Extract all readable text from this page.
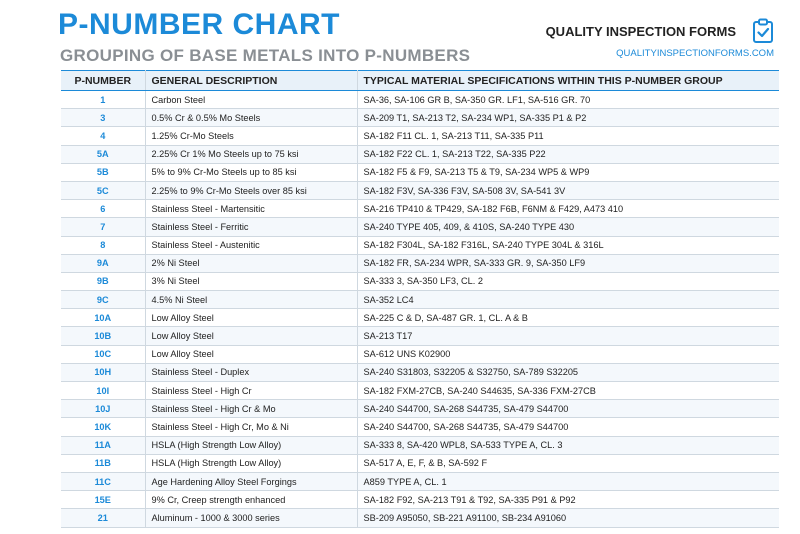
P-NUMBER CHART
GROUPING OF BASE METALS INTO P-NUMBERS
QUALITY INSPECTION FORMS
QUALITYINSPECTIONFORMS.COM
P-NUMBER	GENERAL DESCRIPTION	TYPICAL MATERIAL SPECIFICATIONS WITHIN THIS P-NUMBER GROUP
1	Carbon Steel	SA-36, SA-106 GR B, SA-350 GR. LF1, SA-516 GR. 70
3	0.5% Cr & 0.5% Mo Steels	SA-209 T1, SA-213 T2, SA-234 WP1, SA-335 P1 & P2
4	1.25% Cr-Mo Steels	SA-182 F11 CL. 1, SA-213 T11, SA-335 P11
5A	2.25% Cr 1% Mo Steels up to 75 ksi	SA-182 F22 CL. 1, SA-213 T22, SA-335 P22
5B	5% to 9% Cr-Mo Steels up to 85 ksi	SA-182 F5 & F9, SA-213 T5 & T9, SA-234 WP5 & WP9
5C	2.25% to 9% Cr-Mo Steels over 85 ksi	SA-182 F3V, SA-336 F3V, SA-508 3V, SA-541 3V
6	Stainless Steel - Martensitic	SA-216 TP410 & TP429, SA-182 F6B, F6NM & F429, A473 410
7	Stainless Steel - Ferritic	SA-240 TYPE 405, 409, & 410S, SA-240 TYPE 430
8	Stainless Steel - Austenitic	SA-182 F304L, SA-182 F316L, SA-240 TYPE 304L & 316L
9A	2% Ni Steel	SA-182 FR, SA-234 WPR, SA-333 GR. 9, SA-350 LF9
9B	3% Ni Steel	SA-333 3, SA-350 LF3, CL. 2
9C	4.5% Ni Steel	SA-352 LC4
10A	Low Alloy Steel	SA-225 C & D, SA-487 GR. 1, CL. A & B
10B	Low Alloy Steel	SA-213 T17
10C	Low Alloy Steel	SA-612 UNS K02900
10H	Stainless Steel - Duplex	SA-240 S31803, S32205 & S32750, SA-789 S32205
10I	Stainless Steel - High Cr	SA-182 FXM-27CB, SA-240 S44635, SA-336 FXM-27CB
10J	Stainless Steel - High Cr & Mo	SA-240 S44700, SA-268 S44735, SA-479 S44700
10K	Stainless Steel - High Cr, Mo & Ni	SA-240 S44700, SA-268 S44735, SA-479 S44700
11A	HSLA (High Strength Low Alloy)	SA-333 8, SA-420 WPL8, SA-533 TYPE A, CL. 3
11B	HSLA (High Strength Low Alloy)	SA-517 A, E, F, & B, SA-592 F
11C	Age Hardening Alloy Steel Forgings	A859 TYPE A, CL. 1
15E	9% Cr, Creep strength enhanced	SA-182 F92, SA-213 T91 & T92, SA-335 P91 & P92
21	Aluminum - 1000 & 3000 series	SB-209 A95050, SB-221 A91100, SB-234 A91060
